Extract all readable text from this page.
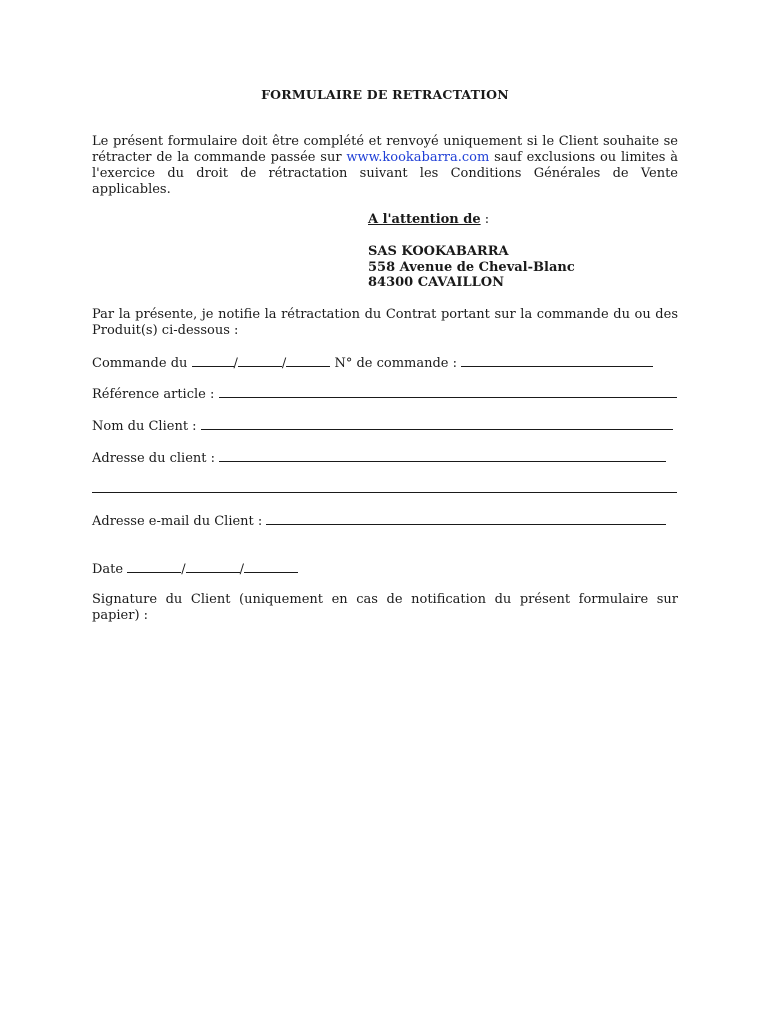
FORMULAIRE DE RETRACTATION
Le présent formulaire doit être complété et renvoyé uniquement si le Client souhaite se rétracter de la commande passée sur www.kookabarra.com sauf exclusions ou limites à l'exercice du droit de rétractation suivant les Conditions Générales de Vente applicables.
A l'attention de :
SAS KOOKABARRA
558 Avenue de Cheval-Blanc
84300 CAVAILLON
Par la présente, je notifie la rétractation du Contrat portant sur la commande du ou des Produit(s) ci-dessous :
Commande du	/	/	N° de commande :
Référence article :
Nom du Client :
Adresse du client :
Adresse e-mail du Client :
Date	/	/
Signature du Client (uniquement en cas de notification du présent formulaire sur papier) :
